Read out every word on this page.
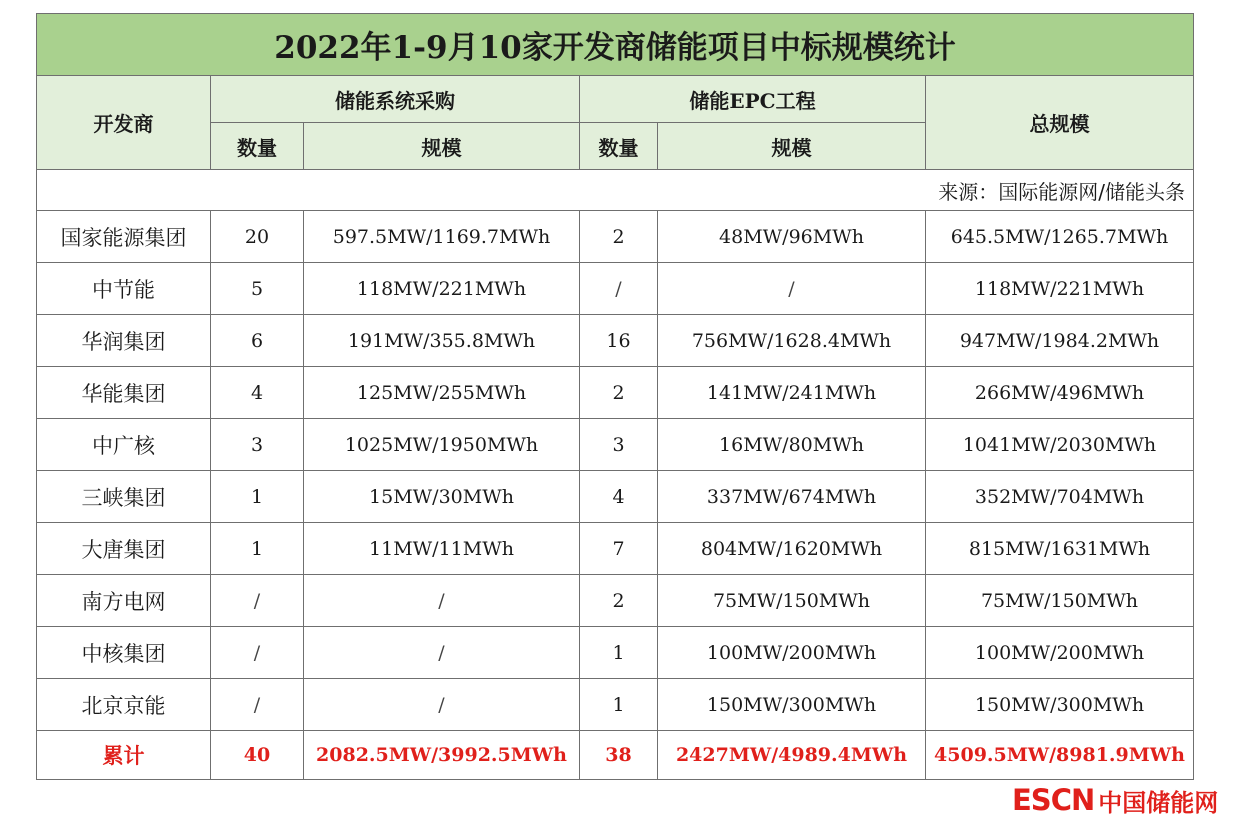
2022年1-9月10家开发商储能项目中标规模统计					
开发商	储能系统采购		储能EPC工程		总规模
	数量	规模	数量	规模	
来源：国际能源网/储能头条					
国家能源集团	20	597.5MW/1169.7MWh	2	48MW/96MWh	645.5MW/1265.7MWh
中节能	5	118MW/221MWh	/	/	118MW/221MWh
华润集团	6	191MW/355.8MWh	16	756MW/1628.4MWh	947MW/1984.2MWh
华能集团	4	125MW/255MWh	2	141MW/241MWh	266MW/496MWh
中广核	3	1025MW/1950MWh	3	16MW/80MWh	1041MW/2030MWh
三峡集团	1	15MW/30MWh	4	337MW/674MWh	352MW/704MWh
大唐集团	1	11MW/11MWh	7	804MW/1620MWh	815MW/1631MWh
南方电网	/	/	2	75MW/150MWh	75MW/150MWh
中核集团	/	/	1	100MW/200MWh	100MW/200MWh
北京京能	/	/	1	150MW/300MWh	150MW/300MWh
累计	40	2082.5MW/3992.5MWh	38	2427MW/4989.4MWh	4509.5MW/8981.9MWh
ESCN 中国储能网
